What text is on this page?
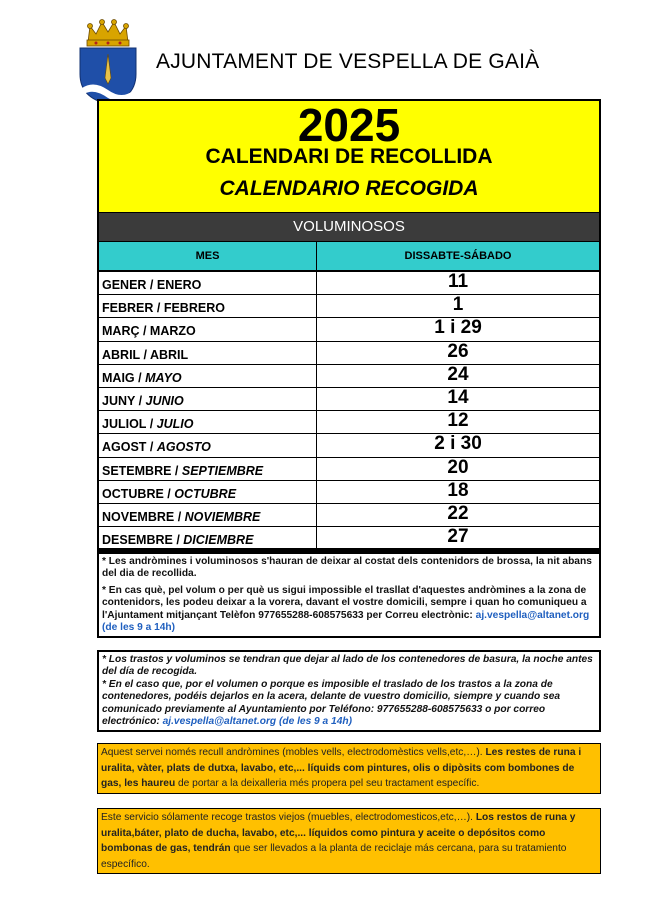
AJUNTAMENT DE VESPELLA DE GAIÀ
2025
CALENDARI DE RECOLLIDA
CALENDARIO RECOGIDA
VOLUMINOSOS
MES	DISSABTE-SÁBADO
GENER / ENERO	11
FEBRER / FEBRERO	1
MARÇ / MARZO	1 i 29
ABRIL / ABRIL	26
MAIG / MAYO	24
JUNY / JUNIO	14
JULIOL / JULIO	12
AGOST / AGOSTO	2 i 30
SETEMBRE / SEPTIEMBRE	20
OCTUBRE / OCTUBRE	18
NOVEMBRE / NOVIEMBRE	22
DESEMBRE / DICIEMBRE	27

* Les andròmines i voluminosos s'hauran de deixar al costat dels contenidors de brossa, la nit abans del dia de recollida.

* En cas què, pel volum o per què us sigui impossible el trasllat d'aquestes andròmines a la zona de contenidors, les podeu deixar a la vorera, davant el vostre domicili, sempre i quan ho comuniqueu a l'Ajuntament mitjançant Telèfon 977655288-608575633 per Correu electrònic: aj.vespella@altanet.org (de les 9 a 14h)

* Los trastos y voluminos se tendran que dejar al lado de los contenedores de basura, la noche antes del día de recogida.

* En el caso que, por el volumen o porque es imposible el traslado de los trastos a la zona de contenedores, podéis dejarlos en la acera, delante de vuestro domicilio, siempre y cuando sea comunicado previamente al Ayuntamiento por Teléfono: 977655288-608575633 o por correo electrónico: aj.vespella@altanet.org (de les 9 a 14h)

Aquest servei només recull andròmines (mobles vells, electrodomèstics vells,etc,…). Les restes de runa i uralita, vàter, plats de dutxa, lavabo, etc,... líquids com pintures, olis o dipòsits com bombones de gas, les haureu de portar a la deixalleria més propera pel seu tractament específic.
Este servicio sólamente recoge trastos viejos (muebles, electrodomesticos,etc,…). Los restos de runa y uralita,báter, plato de ducha, lavabo, etc,... líquidos como pintura y aceite o depósitos como bombonas de gas, tendrán que ser llevados a la planta de reciclaje más cercana, para su tratamiento específico.
